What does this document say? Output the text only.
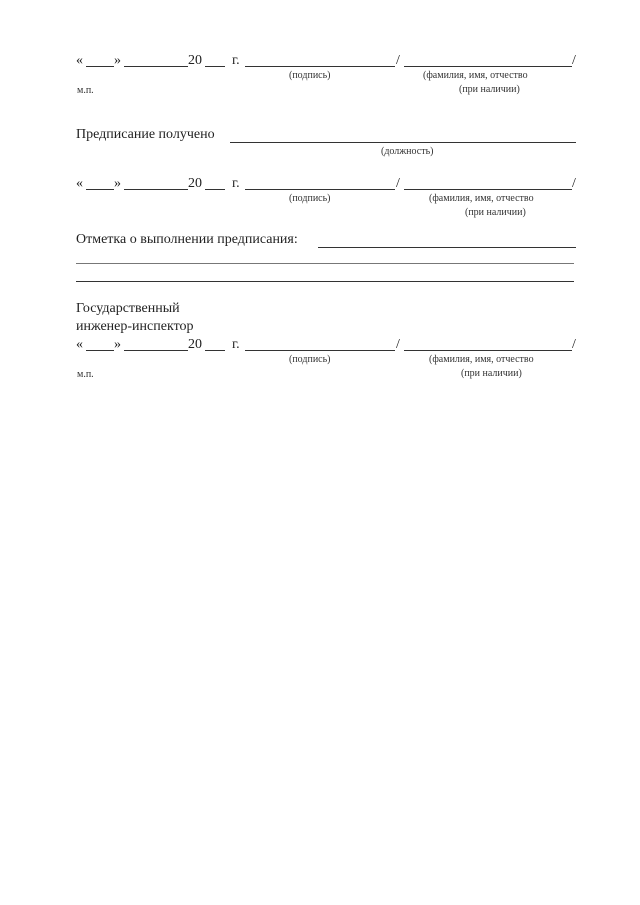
« »	20 г.	/	/
(подпись)	(фамилия, имя, отчество
м.п.	(при наличии)
Предписание получено
(должность)
« »	20 г.	/	/
(подпись)	(фамилия, имя, отчество
(при наличии)
Отметка о выполнении предписания:
Государственный
инженер-инспектор
« »	20 г.	/	/
(подпись)	(фамилия, имя, отчество
м.п.	(при наличии)
